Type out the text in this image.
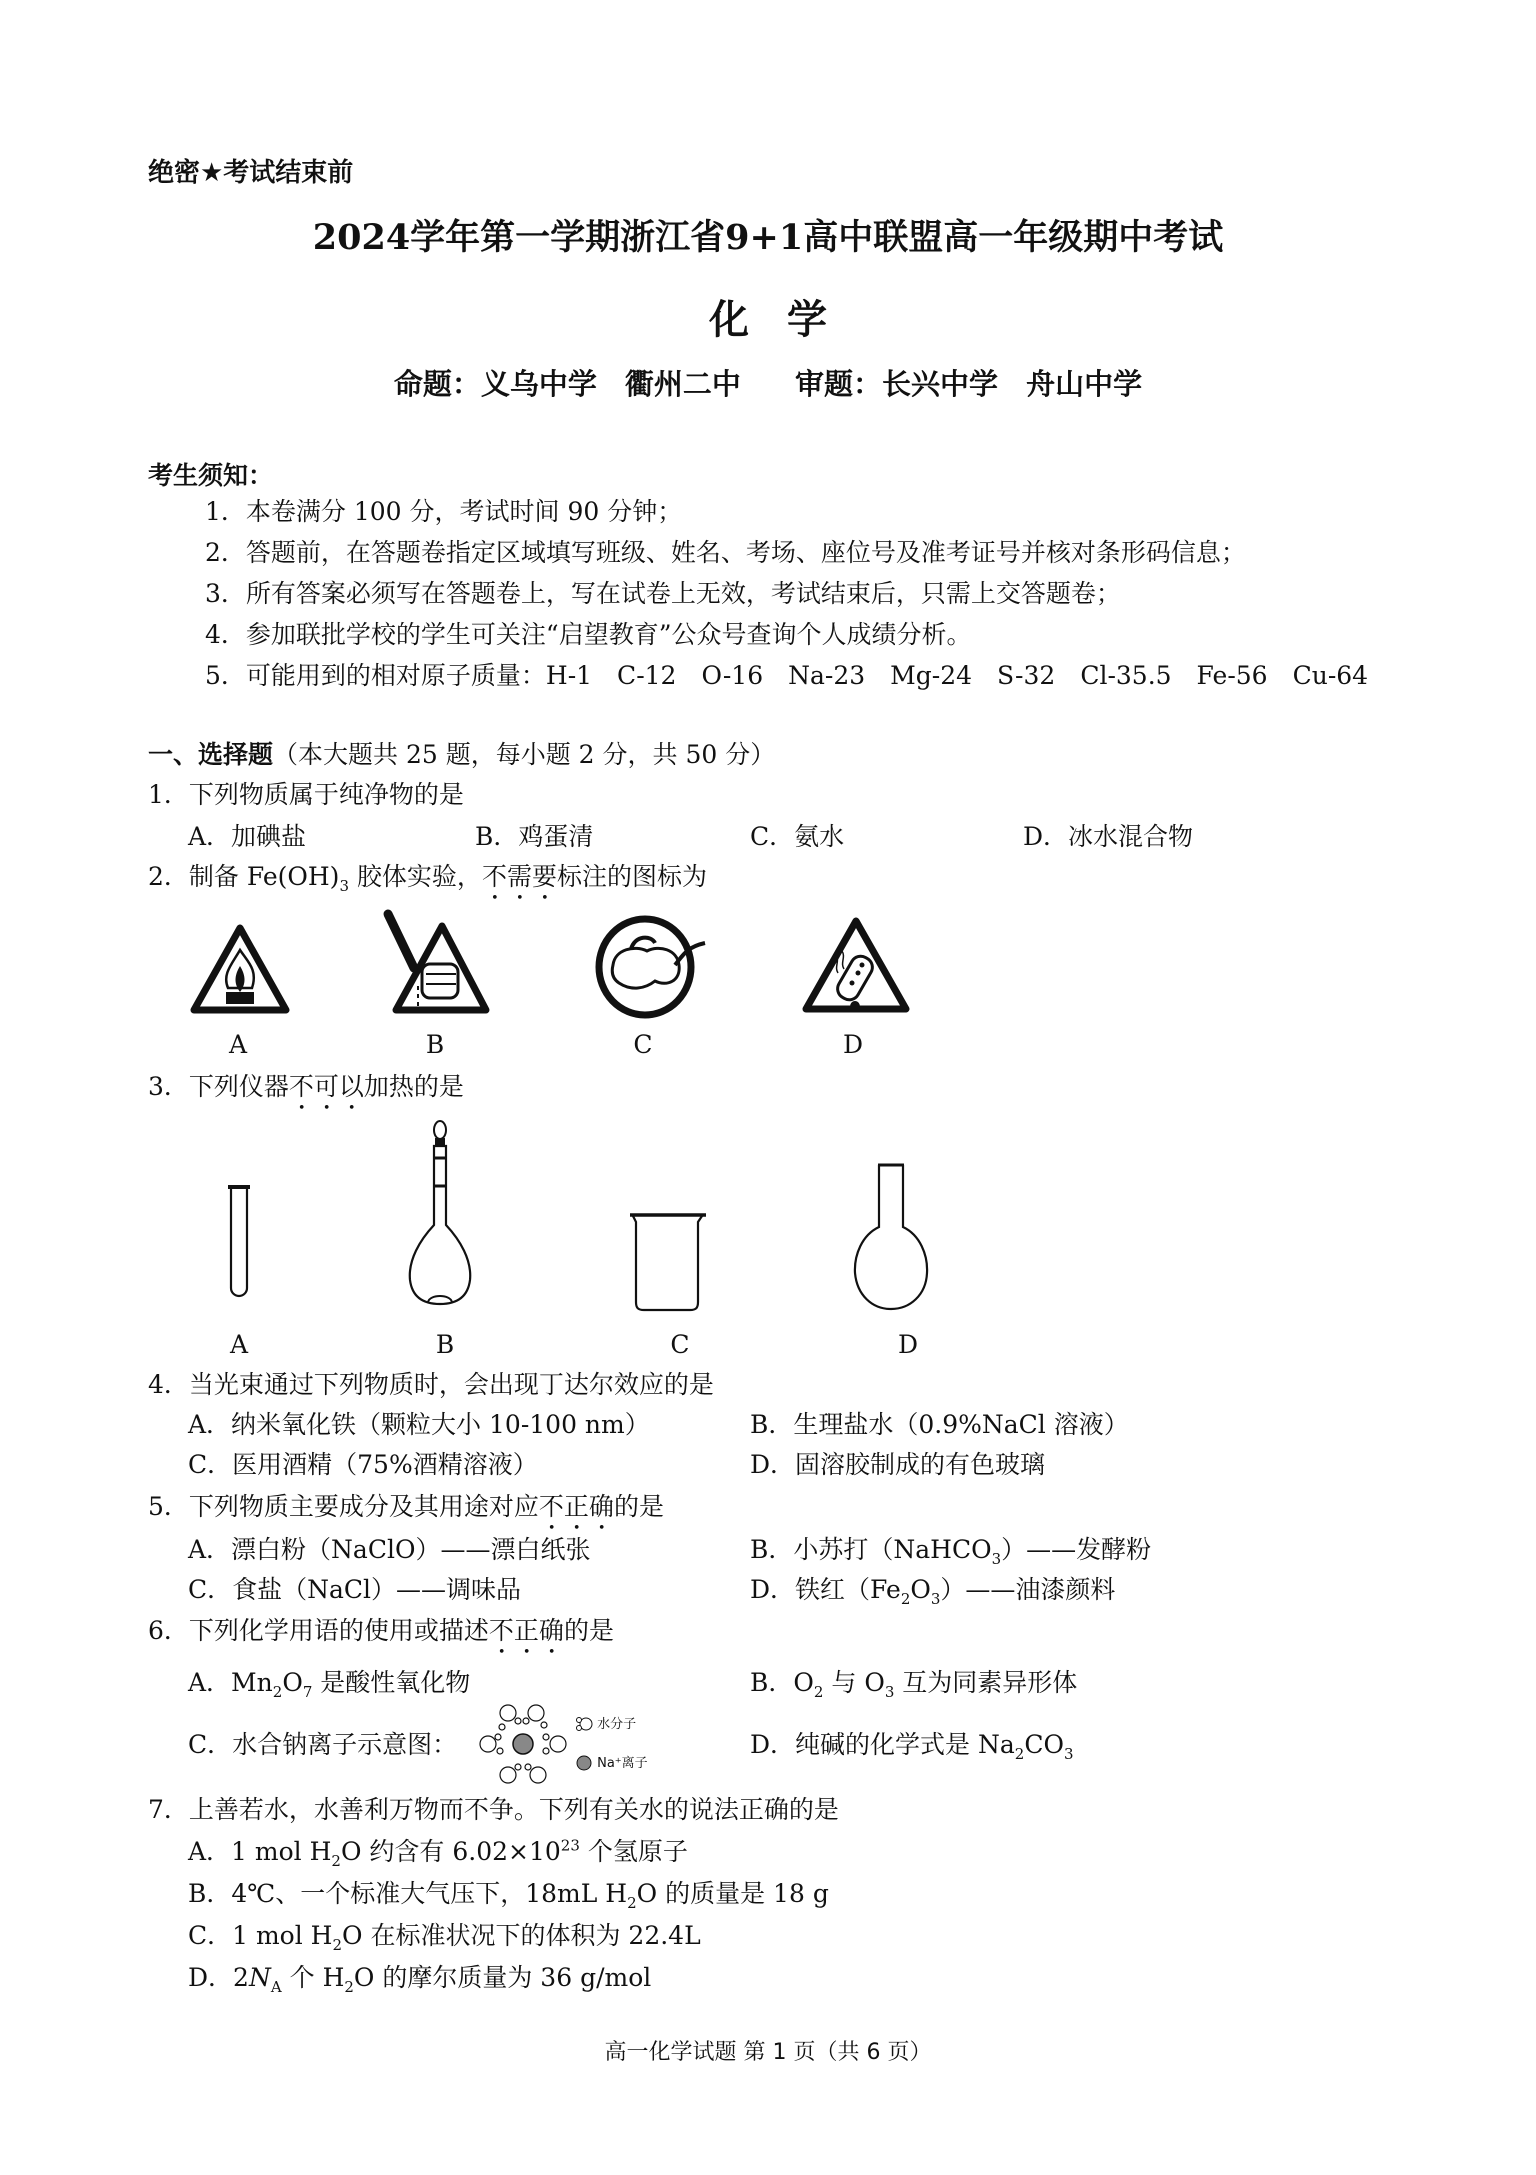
绝密★考试结束前
2024学年第一学期浙江省9+1高中联盟高一年级期中考试
化学
命题：义乌中学 衢州二中 审题：长兴中学 舟山中学
考生须知：
1．本卷满分 100 分，考试时间 90 分钟；
2．答题前，在答题卷指定区域填写班级、姓名、考场、座位号及准考证号并核对条形码信息；
3．所有答案必须写在答题卷上，写在试卷上无效，考试结束后，只需上交答题卷；
4．参加联批学校的学生可关注“启望教育”公众号查询个人成绩分析。
5．可能用到的相对原子质量：H-1　C-12　O-16　Na-23　Mg-24　S-32　Cl-35.5　Fe-56　Cu-64
一、选择题（本大题共 25 题，每小题 2 分，共 50 分）
1．下列物质属于纯净物的是
A．加碘盐	B．鸡蛋清	C．氨水	D．冰水混合物
2．制备 $Fe(OH)_3$ 胶体实验，不需要标注的图标为
A	B	C	D
3．下列仪器不可以加热的是
A	B	C	D
4．当光束通过下列物质时，会出现丁达尔效应的是
A．纳米氧化铁（颗粒大小 10-100 nm）	B．生理盐水（0.9%NaCl 溶液）
C．医用酒精（75%酒精溶液）	D．固溶胶制成的有色玻璃
5．下列物质主要成分及其用途对应不正确的是
A．漂白粉（NaClO）——漂白纸张	B．小苏打（NaHCO$_3$）——发酵粉
C．食盐（NaCl）——调味品	D．铁红$(Fe_2O_3)——$油漆颜料
6．下列化学用语的使用或描述不正确的是
A．$Mn_2O_7$ 是酸性氧化物	B．$O_2$ 与 $O_3$ 互为同素异形体
C．水合钠离子示意图：
水分子
Na⁺离子
D．纯碱的化学式是 $Na_2CO_3$
7．上善若水，水善利万物而不争。下列有关水的说法正确的是
A．1 mol $H_2O$ 约含有 $6.02\times 10^{23}$ 个氢原子
B．4℃、一个标准大气压下，18mL $H_2O$ 的质量是 18 g
C．1 mol $H_2O$ 在标准状况下的体积为 22.4L
D．$2N_A$ 个 $H_2O$ 的摩尔质量为 36 g/mol
高一化学试题 第 1 页（共 6 页）
